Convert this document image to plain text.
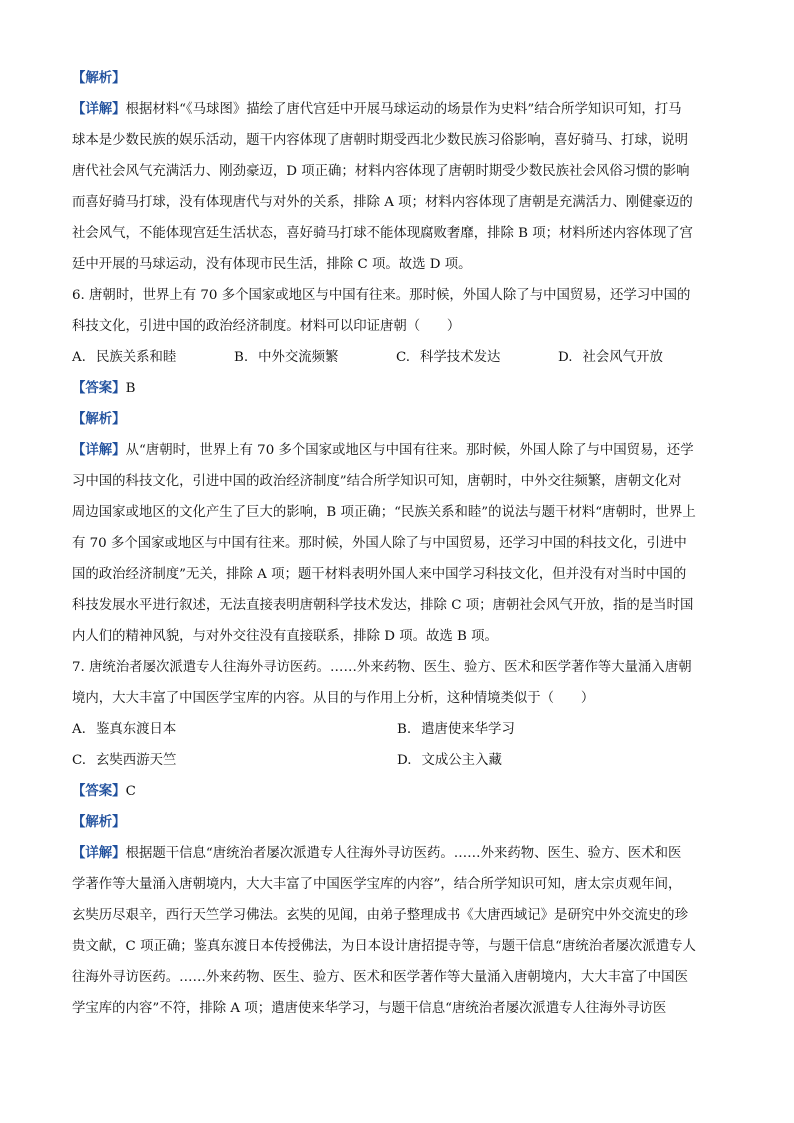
【解析】
【详解】根据材料“《马球图》描绘了唐代宫廷中开展马球运动的场景作为史料”结合所学知识可知，打马
球本是少数民族的娱乐活动，题干内容体现了唐朝时期受西北少数民族习俗影响，喜好骑马、打球，说明
唐代社会风气充满活力、刚劲豪迈，D 项正确；材料内容体现了唐朝时期受少数民族社会风俗习惯的影响
而喜好骑马打球，没有体现唐代与对外的关系，排除 A 项；材料内容体现了唐朝是充满活力、刚健豪迈的
社会风气，不能体现宫廷生活状态，喜好骑马打球不能体现腐败奢靡，排除 B 项；材料所述内容体现了宫
廷中开展的马球运动，没有体现市民生活，排除 C 项。故选 D 项。
6. 唐朝时，世界上有 70 多个国家或地区与中国有往来。那时候，外国人除了与中国贸易，还学习中国的
科技文化，引进中国的政治经济制度。材料可以印证唐朝（　　）
A. 民族关系和睦	B. 中外交流频繁	C. 科学技术发达	D. 社会风气开放
【答案】B
【解析】
【详解】从“唐朝时，世界上有 70 多个国家或地区与中国有往来。那时候，外国人除了与中国贸易，还学
习中国的科技文化，引进中国的政治经济制度”结合所学知识可知，唐朝时，中外交往频繁，唐朝文化对
周边国家或地区的文化产生了巨大的影响，B 项正确；“民族关系和睦”的说法与题干材料“唐朝时，世界上
有 70 多个国家或地区与中国有往来。那时候，外国人除了与中国贸易，还学习中国的科技文化，引进中
国的政治经济制度”无关，排除 A 项；题干材料表明外国人来中国学习科技文化，但并没有对当时中国的
科技发展水平进行叙述，无法直接表明唐朝科学技术发达，排除 C 项；唐朝社会风气开放，指的是当时国
内人们的精神风貌，与对外交往没有直接联系，排除 D 项。故选 B 项。
7. 唐统治者屡次派遣专人往海外寻访医药。……外来药物、医生、验方、医术和医学著作等大量涌入唐朝
境内，大大丰富了中国医学宝库的内容。从目的与作用上分析，这种情境类似于（　　）
A. 鉴真东渡日本	B. 遣唐使来华学习
C. 玄奘西游天竺	D. 文成公主入藏
【答案】C
【解析】
【详解】根据题干信息“唐统治者屡次派遣专人往海外寻访医药。……外来药物、医生、验方、医术和医
学著作等大量涌入唐朝境内，大大丰富了中国医学宝库的内容”，结合所学知识可知，唐太宗贞观年间，
玄奘历尽艰辛，西行天竺学习佛法。玄奘的见闻，由弟子整理成书《大唐西域记》是研究中外交流史的珍
贵文献，C 项正确；鉴真东渡日本传授佛法，为日本设计唐招提寺等，与题干信息“唐统治者屡次派遣专人
往海外寻访医药。……外来药物、医生、验方、医术和医学著作等大量涌入唐朝境内，大大丰富了中国医
学宝库的内容”不符，排除 A 项；遣唐使来华学习，与题干信息“唐统治者屡次派遣专人往海外寻访医
